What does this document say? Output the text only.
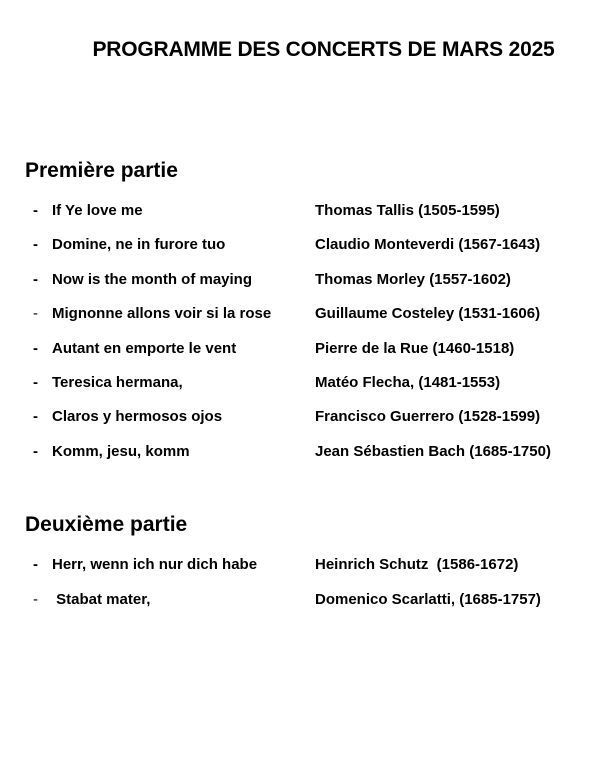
PROGRAMME DES CONCERTS DE MARS 2025
Première partie
- If Ye love me	Thomas Tallis (1505-1595)
- Domine, ne in furore tuo	Claudio Monteverdi (1567-1643)
- Now is the month of maying	Thomas Morley (1557-1602)
- Mignonne allons voir si la rose	Guillaume Costeley (1531-1606)
- Autant en emporte le vent	Pierre de la Rue (1460-1518)
- Teresica hermana,	Matéo Flecha, (1481-1553)
- Claros y hermosos ojos	Francisco Guerrero (1528-1599)
- Komm, jesu, komm	Jean Sébastien Bach (1685-1750)
Deuxième partie
- Herr, wenn ich nur dich habe	Heinrich Schutz  (1586-1672)
- Stabat mater,	Domenico Scarlatti, (1685-1757)
